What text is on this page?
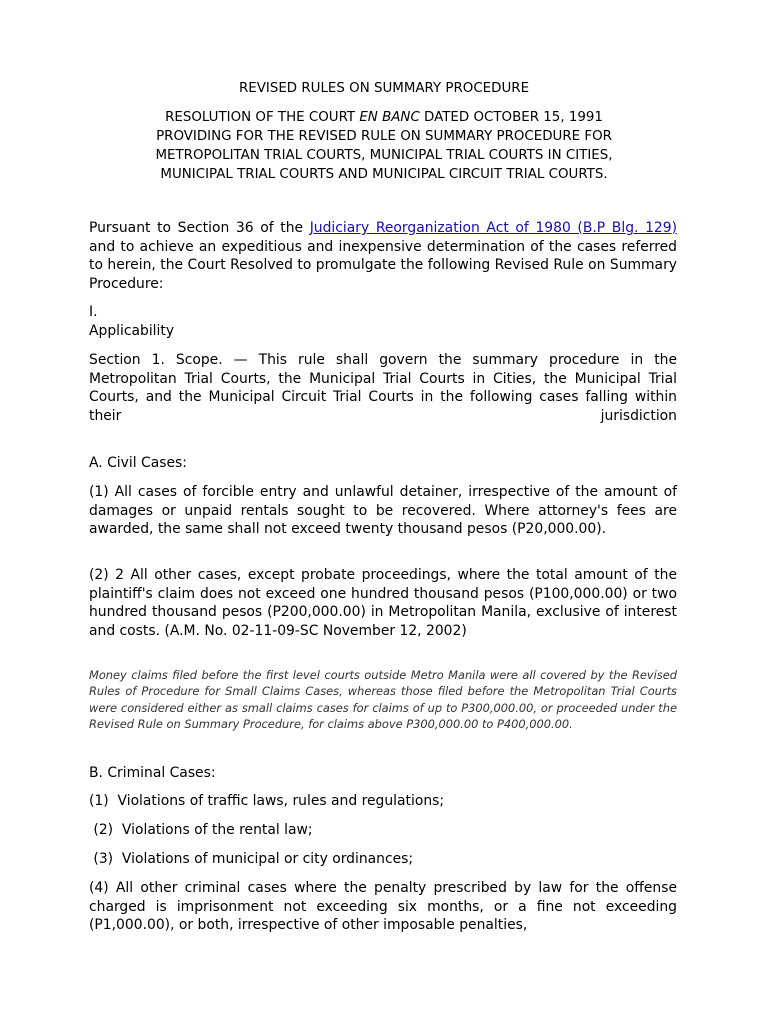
REVISED RULES ON SUMMARY PROCEDURE
RESOLUTION OF THE COURT EN BANC DATED OCTOBER 15, 1991
PROVIDING FOR THE REVISED RULE ON SUMMARY PROCEDURE FOR
METROPOLITAN TRIAL COURTS, MUNICIPAL TRIAL COURTS IN CITIES,
MUNICIPAL TRIAL COURTS AND MUNICIPAL CIRCUIT TRIAL COURTS.

Pursuant to Section 36 of the Judiciary Reorganization Act of 1980 (B.P Blg. 129) and to achieve an expeditious and inexpensive determination of the cases referred to herein, the Court Resolved to promulgate the following Revised Rule on Summary Procedure:

I.

Applicability

Section 1. Scope. — This rule shall govern the summary procedure in the Metropolitan Trial Courts, the Municipal Trial Courts in Cities, the Municipal Trial Courts, and the Municipal Circuit Trial Courts in the following cases falling within their jurisdiction

A. Civil Cases:

(1) All cases of forcible entry and unlawful detainer, irrespective of the amount of damages or unpaid rentals sought to be recovered. Where attorney's fees are awarded, the same shall not exceed twenty thousand pesos (P20,000.00).

(2) 2 All other cases, except probate proceedings, where the total amount of the plaintiff's claim does not exceed one hundred thousand pesos (P100,000.00) or two hundred thousand pesos (P200,000.00) in Metropolitan Manila, exclusive of interest and costs. (A.M. No. 02-11-09-SC November 12, 2002)

Money claims filed before the first level courts outside Metro Manila were all covered by the Revised Rules of Procedure for Small Claims Cases, whereas those filed before the Metropolitan Trial Courts were considered either as small claims cases for claims of up to P300,000.00, or proceeded under the Revised Rule on Summary Procedure, for claims above P300,000.00 to P400,000.00.

B. Criminal Cases:

(1)  Violations of traffic laws, rules and regulations;

(2)  Violations of the rental law;

(3)  Violations of municipal or city ordinances;

(4) All other criminal cases where the penalty prescribed by law for the offense charged is imprisonment not exceeding six months, or a fine not exceeding (P1,000.00), or both, irrespective of other imposable penalties,
